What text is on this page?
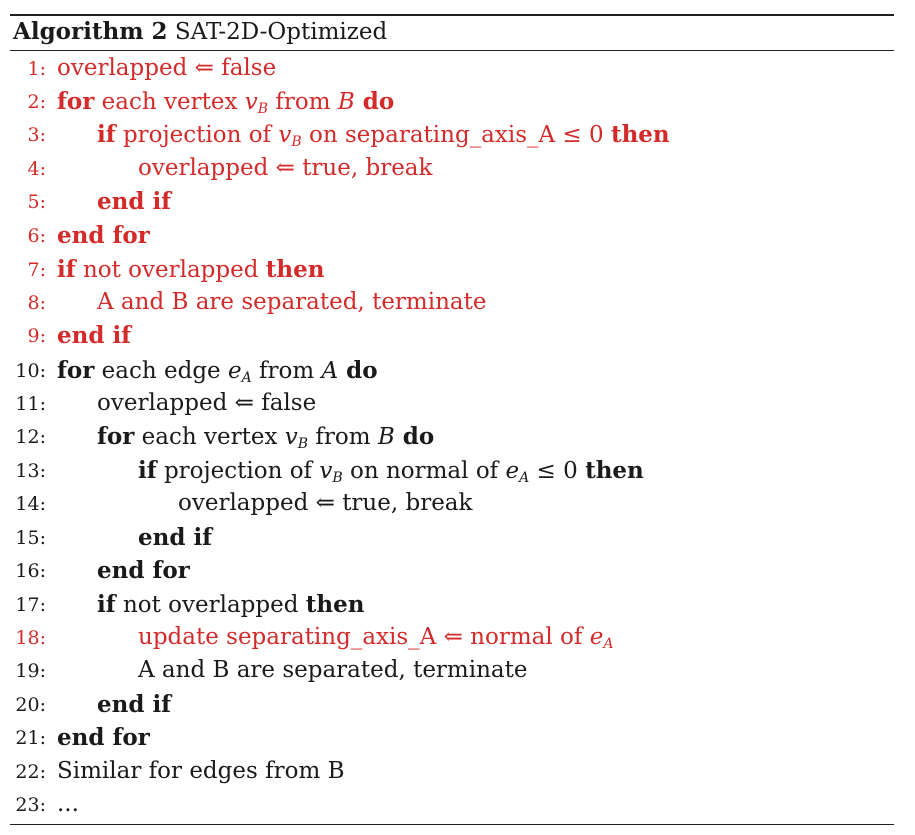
Algorithm 2 SAT-2D-Optimized
1: overlapped ⇐ false
2: for each vertex $v_B$ from B do
3: if projection of $v_B$ on separating_axis_A ≤ 0 then
4:	overlapped ⇐ true, break
5: end if
6: end for
7: if not overlapped then
8: A and B are separated, terminate
9: end if
10: for each edge $e_A$ from A do
11: overlapped ⇐ false
12: for each vertex $v_B$ from B do
13:	if projection of $v_B$ on normal of $e_A \le 0$ then
14:	overlapped ⇐ true, break
15:	end if
16: end for
17: if not overlapped then
18:	update separating_axis_A ⇐ normal of $e_A$
19:	A and B are separated, terminate
20: end if
21: end for
22: Similar for edges from B
23: ...
